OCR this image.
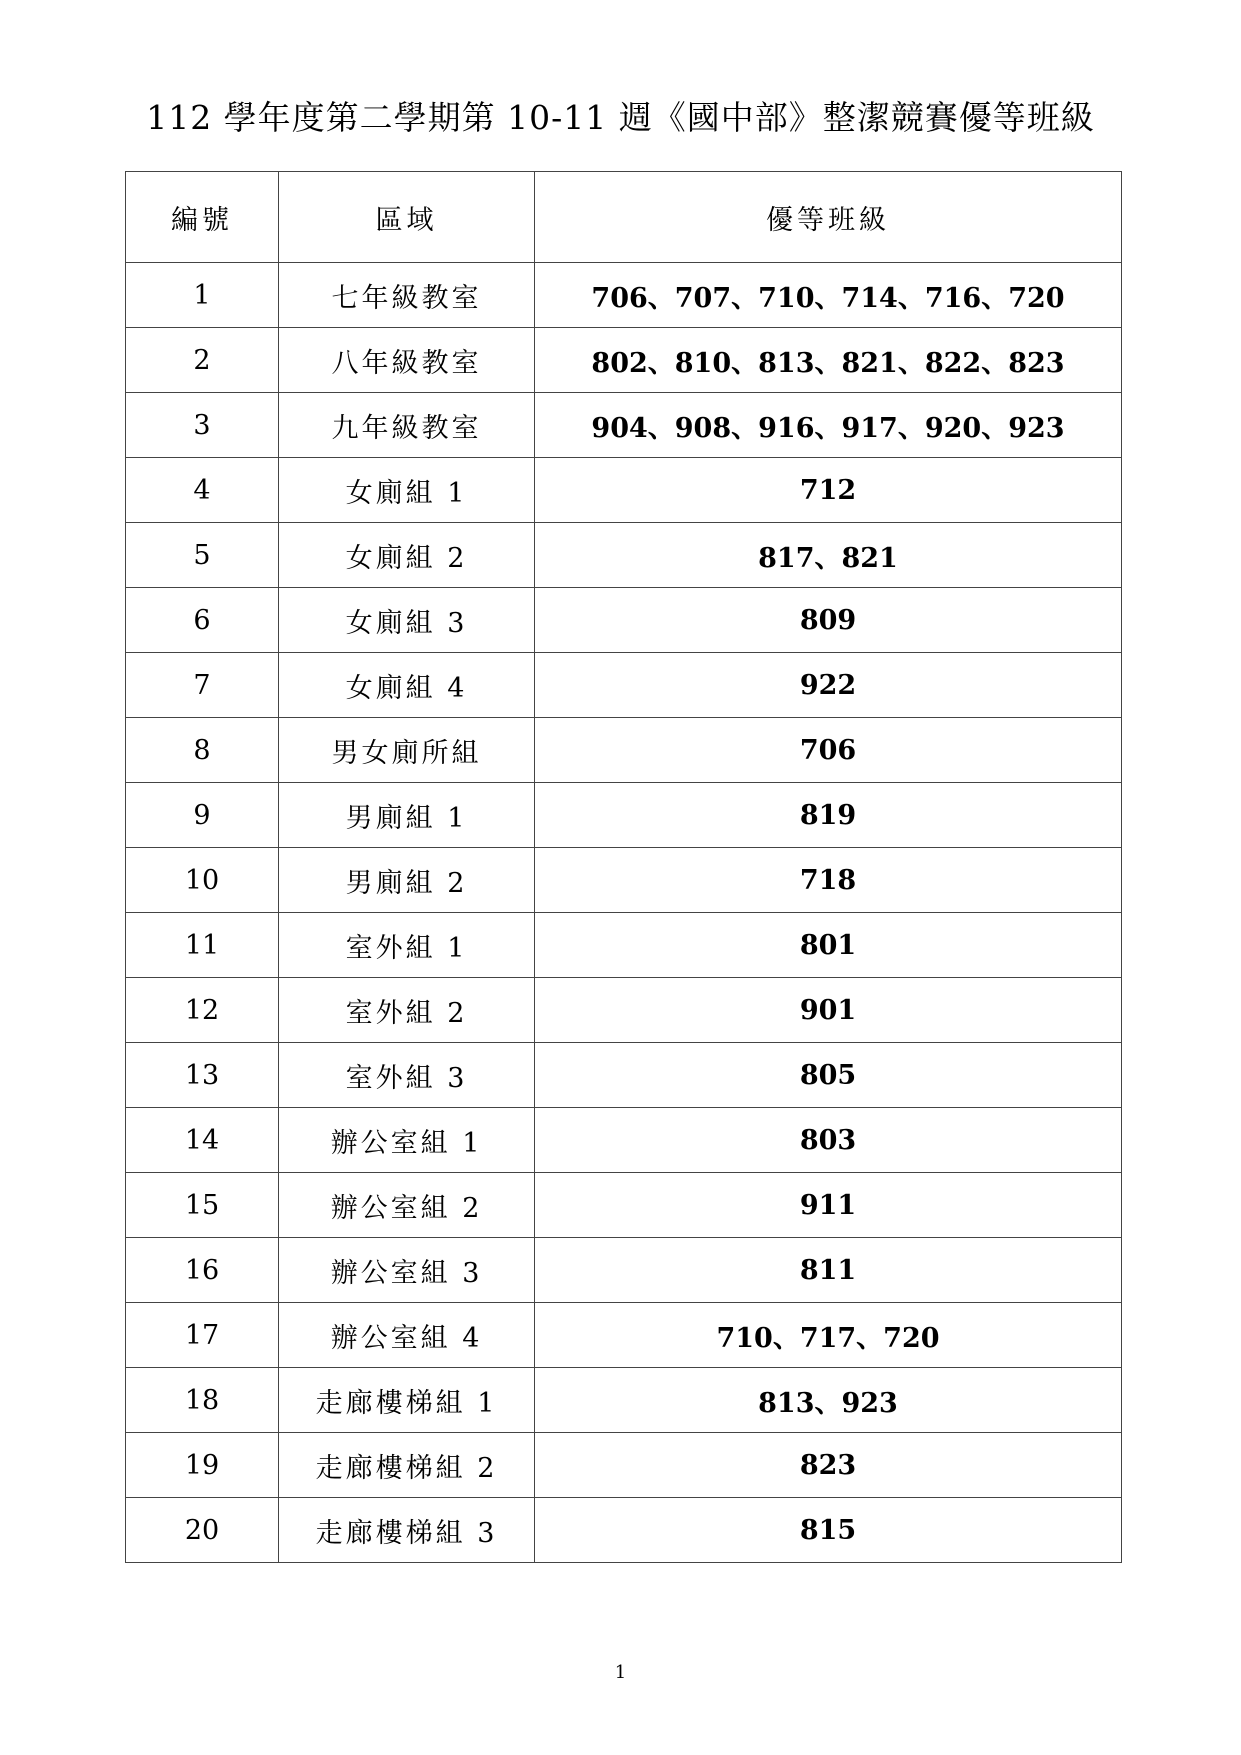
112 學年度第二學期第 10-11 週《國中部》整潔競賽優等班級
編號	區域	優等班級
1	七年級教室	706、707、710、714、716、720
2	八年級教室	802、810、813、821、822、823
3	九年級教室	904、908、916、917、920、923
4	女廁組 1	712
5	女廁組 2	817、821
6	女廁組 3	809
7	女廁組 4	922
8	男女廁所組	706
9	男廁組 1	819
10	男廁組 2	718
11	室外組 1	801
12	室外組 2	901
13	室外組 3	805
14	辦公室組 1	803
15	辦公室組 2	911
16	辦公室組 3	811
17	辦公室組 4	710、717、720
18	走廊樓梯組 1	813、923
19	走廊樓梯組 2	823
20	走廊樓梯組 3	815
1
